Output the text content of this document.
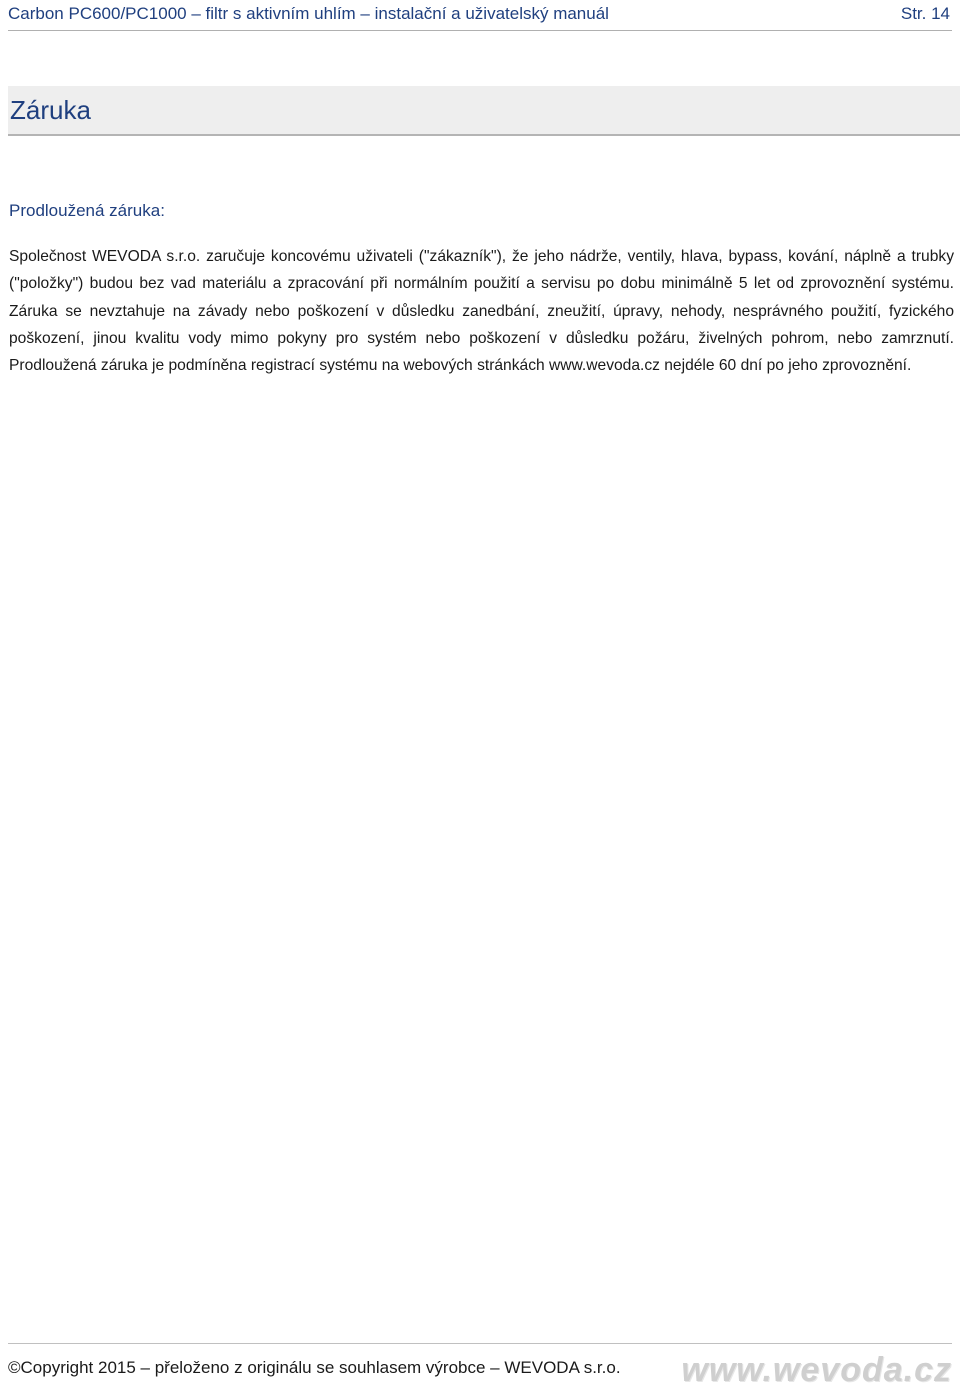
Carbon PC600/PC1000 – filtr s aktivním uhlím – instalační a uživatelský manuál	Str. 14
Záruka
Prodloužená záruka:

Společnost WEVODA s.r.o. zaručuje koncovému uživateli ("zákazník"), že jeho nádrže, ventily, hlava, bypass, kování, náplně a trubky ("položky") budou bez vad materiálu a zpracování při normálním použití a servisu po dobu minimálně 5 let od zprovoznění systému. Záruka se nevztahuje na závady nebo poškození v důsledku zanedbání, zneužití, úpravy, nehody, nesprávného použití, fyzického poškození, jinou kvalitu vody mimo pokyny pro systém nebo poškození v důsledku požáru, živelných pohrom, nebo zamrznutí. Prodloužená záruka je podmíněna registrací systému na webových stránkách www.wevoda.cz nejdéle 60 dní po jeho zprovoznění.

©Copyright 2015 – přeloženo z originálu se souhlasem výrobce – WEVODA s.r.o. www.wevoda.cz
